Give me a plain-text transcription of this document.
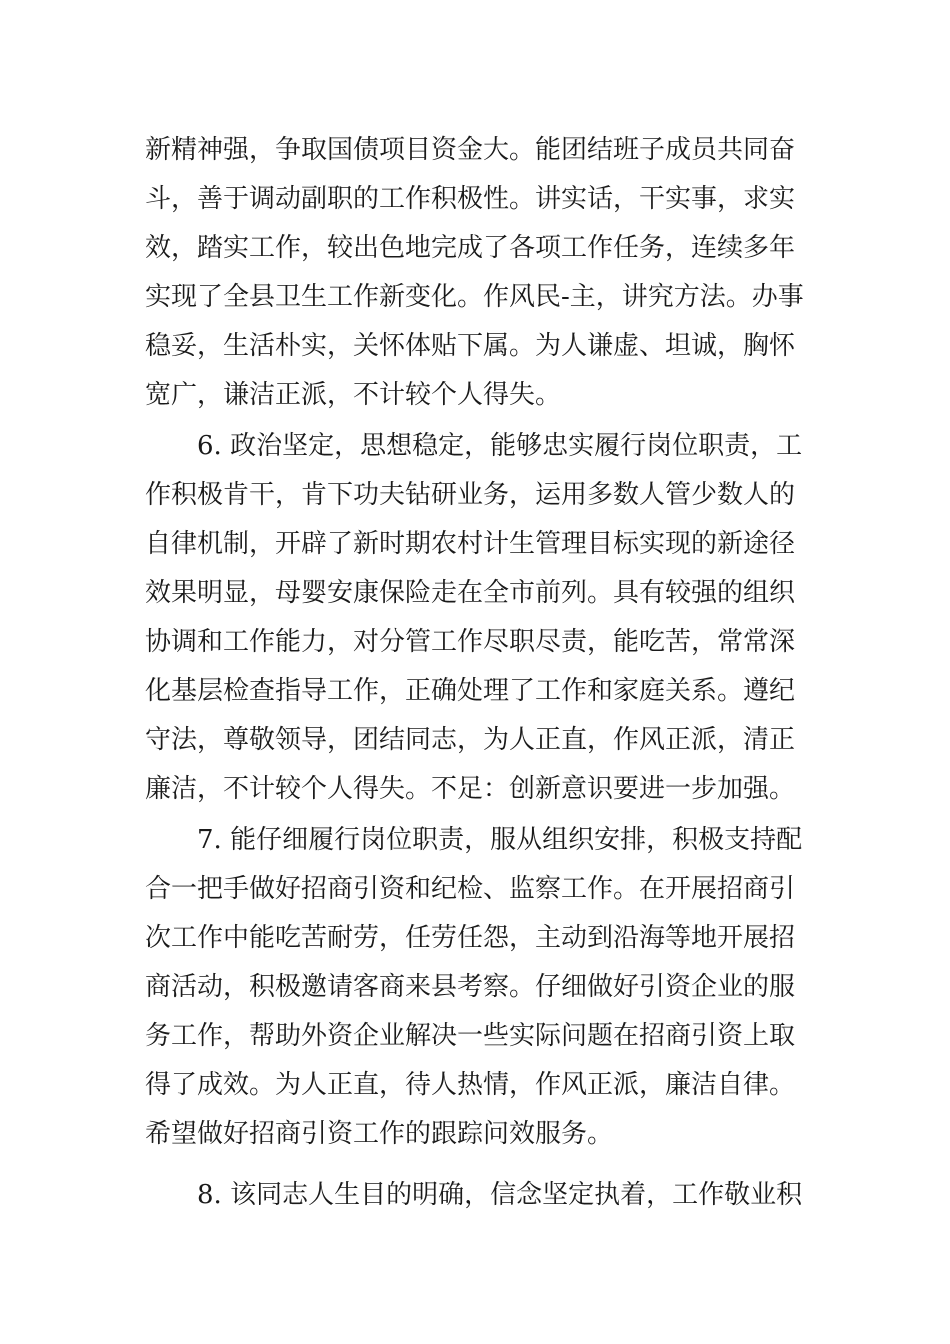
新精神强，争取国债项目资金大。能团结班子成员共同奋
斗，善于调动副职的工作积极性。讲实话，干实事，求实
效，踏实工作，较出色地完成了各项工作任务，连续多年
实现了全县卫生工作新变化。作风民-主，讲究方法。办事
稳妥，生活朴实，关怀体贴下属。为人谦虚、坦诚，胸怀
宽广，谦洁正派，不计较个人得失。
6. 政治坚定，思想稳定，能够忠实履行岗位职责，工
作积极肯干，肯下功夫钻研业务，运用多数人管少数人的
自律机制，开辟了新时期农村计生管理目标实现的新途径
效果明显，母婴安康保险走在全市前列。具有较强的组织
协调和工作能力，对分管工作尽职尽责，能吃苦，常常深
化基层检查指导工作，正确处理了工作和家庭关系。遵纪
守法，尊敬领导，团结同志，为人正直，作风正派，清正
廉洁，不计较个人得失。不足：创新意识要进一步加强。
7. 能仔细履行岗位职责，服从组织安排，积极支持配
合一把手做好招商引资和纪检、监察工作。在开展招商引
次工作中能吃苦耐劳，任劳任怨，主动到沿海等地开展招
商活动，积极邀请客商来县考察。仔细做好引资企业的服
务工作，帮助外资企业解决一些实际问题在招商引资上取
得了成效。为人正直，待人热情，作风正派，廉洁自律。
希望做好招商引资工作的跟踪问效服务。
8. 该同志人生目的明确，信念坚定执着，工作敬业积
